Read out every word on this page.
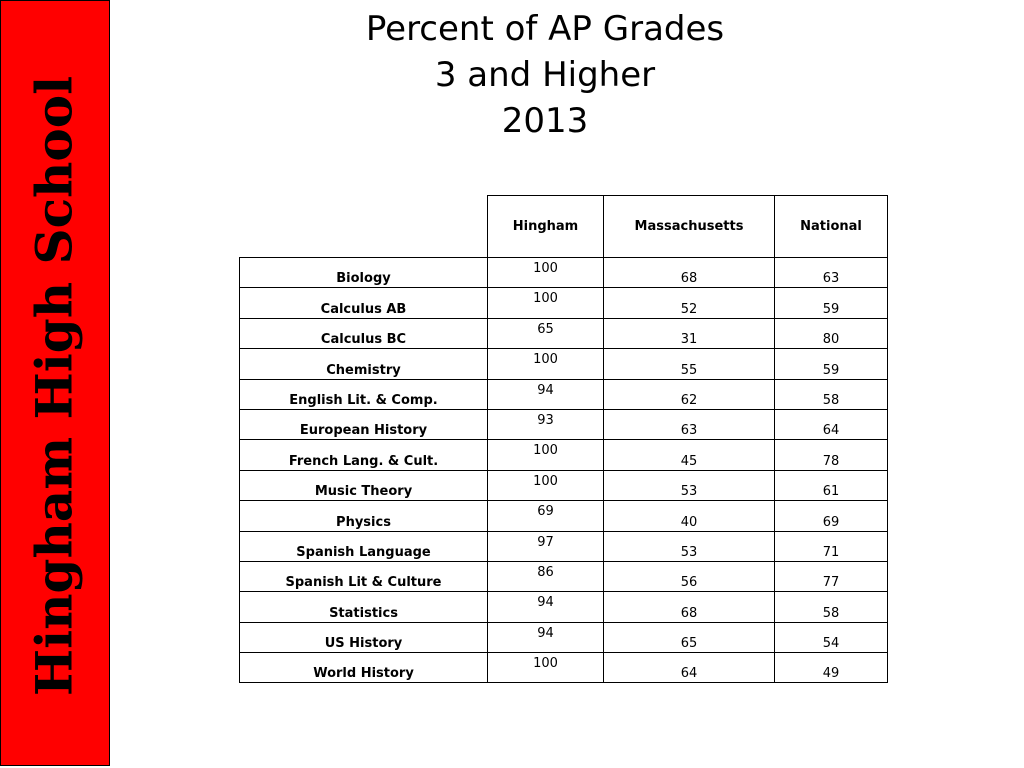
Hingham High School
Percent of AP Grades
3 and Higher
2013
	Hingham	Massachusetts	National
Biology	100	68	63
Calculus AB	100	52	59
Calculus BC	65	31	80
Chemistry	100	55	59
English Lit. & Comp.	94	62	58
European History	93	63	64
French Lang. & Cult.	100	45	78
Music Theory	100	53	61
Physics	69	40	69
Spanish Language	97	53	71
Spanish Lit & Culture	86	56	77
Statistics	94	68	58
US History	94	65	54
World History	100	64	49
